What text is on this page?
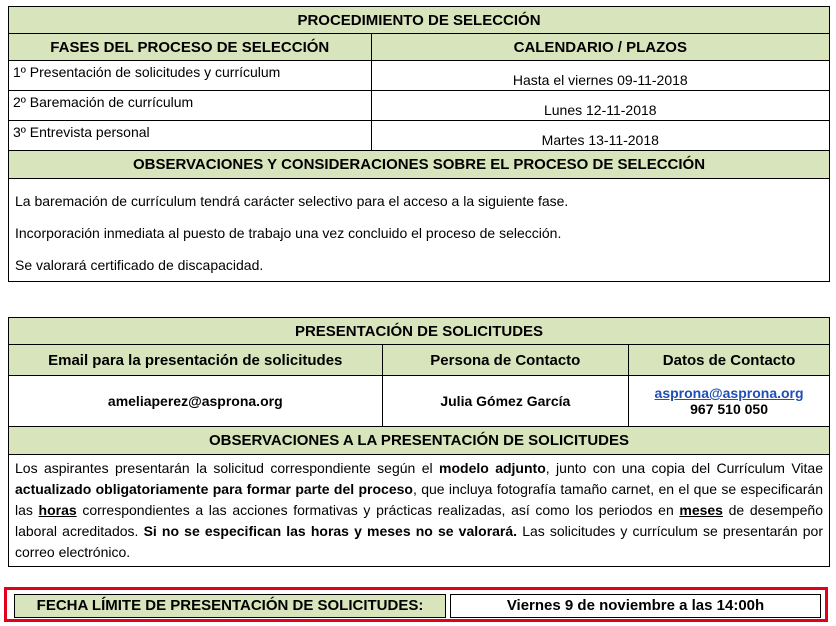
PROCEDIMIENTO DE SELECCIÓN	
FASES DEL PROCESO DE SELECCIÓN	CALENDARIO / PLAZOS
1º Presentación de solicitudes y currículum	Hasta el viernes 09-11-2018
2º Baremación de currículum	Lunes 12-11-2018
3º Entrevista personal	Martes 13-11-2018
OBSERVACIONES Y CONSIDERACIONES SOBRE EL PROCESO DE SELECCIÓN	

La baremación de currículum tendrá carácter selectivo para el acceso a la siguiente fase.
Incorporación inmediata al puesto de trabajo una vez concluido el proceso de selección.
Se valorará certificado de discapacidad.	
PRESENTACIÓN DE SOLICITUDES		
Email para la presentación de solicitudes	Persona de Contacto	Datos de Contacto
ameliaperez@asprona.org	Julia Gómez García	asprona@asprona.org
967 510 050

OBSERVACIONES A LA PRESENTACIÓN DE SOLICITUDES		

Los aspirantes presentarán la solicitud correspondiente según el modelo adjunto, junto con una copia del Currículum Vitae actualizado obligatoriamente para formar parte del proceso, que incluya fotografía tamaño carnet, en el que se especificarán las horas correspondientes a las acciones formativas y prácticas realizadas, así como los periodos en meses de desempeño laboral acreditados. Si no se especifican las horas y meses no se valorará. Las solicitudes y currículum se presentarán por correo electrónico.		
FECHA LÍMITE DE PRESENTACIÓN DE SOLICITUDES:	Viernes 9 de noviembre a las 14:00h
